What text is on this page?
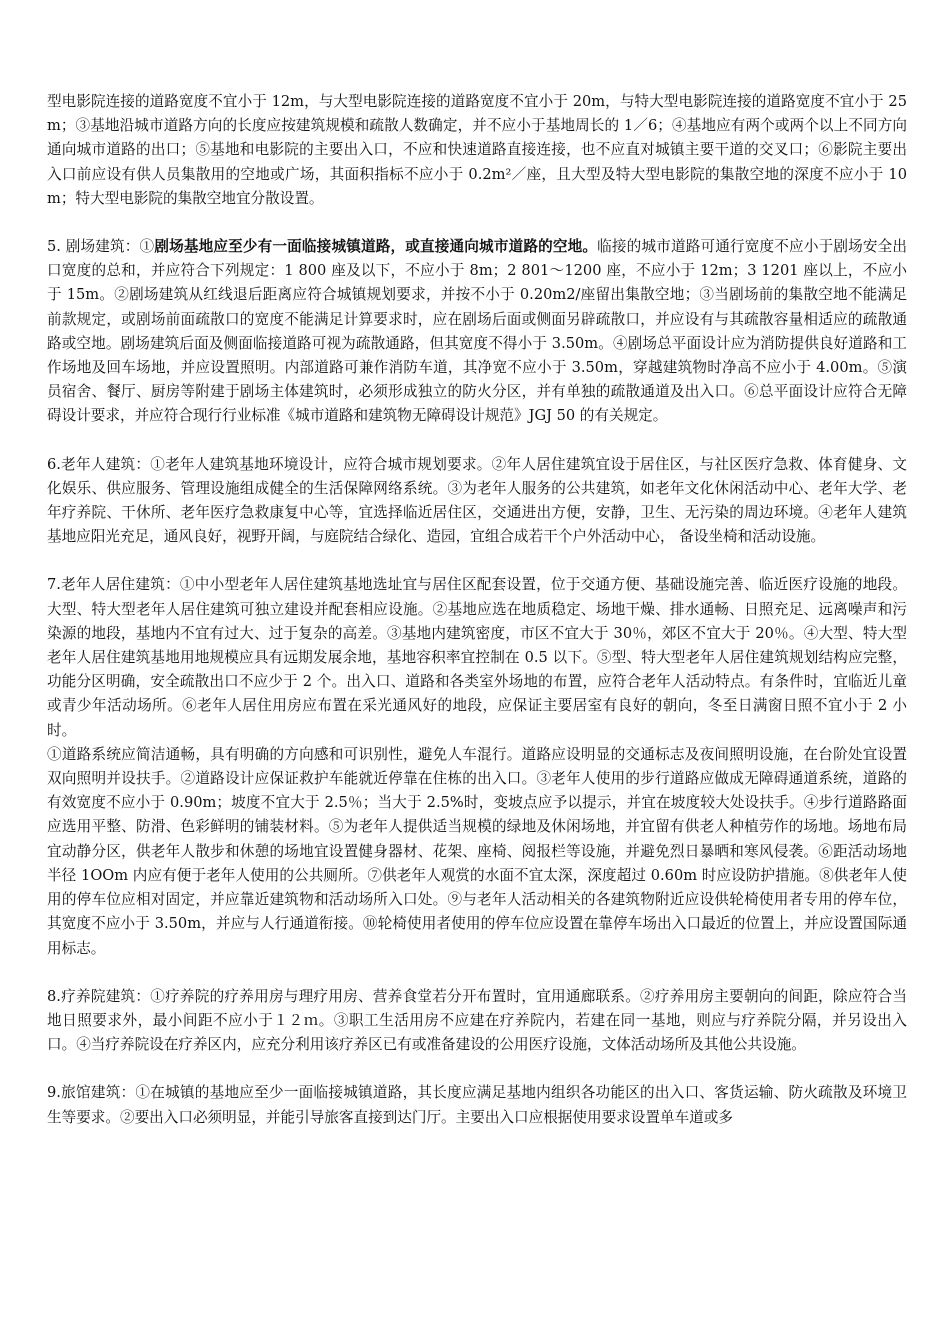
型电影院连接的道路宽度不宜小于 12m，与大型电影院连接的道路宽度不宜小于 20m，与特大型电影院连接的道路宽度不宜小于 25m；③基地沿城市道路方向的长度应按建筑规模和疏散人数确定，并不应小于基地周长的 1／6；④基地应有两个或两个以上不同方向通向城市道路的出口；⑤基地和电影院的主要出入口，不应和快速道路直接连接，也不应直对城镇主要干道的交叉口；⑥影院主要出入口前应设有供人员集散用的空地或广场，其面积指标不应小于 0.2m²／座，且大型及特大型电影院的集散空地的深度不应小于 10m；特大型电影院的集散空地宜分散设置。

5. 剧场建筑：①剧场基地应至少有一面临接城镇道路，或直接通向城市道路的空地。临接的城市道路可通行宽度不应小于剧场安全出口宽度的总和，并应符合下列规定：1 800 座及以下，不应小于 8m；2 801～1200 座，不应小于 12m；3 1201 座以上，不应小于 15m。②剧场建筑从红线退后距离应符合城镇规划要求，并按不小于 0.20m2/座留出集散空地；③当剧场前的集散空地不能满足前款规定，或剧场前面疏散口的宽度不能满足计算要求时，应在剧场后面或侧面另辟疏散口，并应设有与其疏散容量相适应的疏散通路或空地。剧场建筑后面及侧面临接道路可视为疏散通路，但其宽度不得小于 3.50m。④剧场总平面设计应为消防提供良好道路和工作场地及回车场地，并应设置照明。内部道路可兼作消防车道，其净宽不应小于 3.50m，穿越建筑物时净高不应小于 4.00m。⑤演员宿舍、餐厅、厨房等附建于剧场主体建筑时，必须形成独立的防火分区，并有单独的疏散通道及出入口。⑥总平面设计应符合无障碍设计要求，并应符合现行行业标准《城市道路和建筑物无障碍设计规范》JGJ 50 的有关规定。

6.老年人建筑：①老年人建筑基地环境设计，应符合城市规划要求。②年人居住建筑宜设于居住区，与社区医疗急救、体育健身、文化娱乐、供应服务、管理设施组成健全的生活保障网络系统。③为老年人服务的公共建筑，如老年文化休闲活动中心、老年大学、老年疗养院、干休所、老年医疗急救康复中心等，宜选择临近居住区，交通进出方便，安静，卫生、无污染的周边环境。④老年人建筑基地应阳光充足，通风良好，视野开阔，与庭院结合绿化、造园，宜组合成若干个户外活动中心， 备设坐椅和活动设施。

7.老年人居住建筑：①中小型老年人居住建筑基地选址宜与居住区配套设置，位于交通方便、基础设施完善、临近医疗设施的地段。大型、特大型老年人居住建筑可独立建设并配套相应设施。②基地应选在地质稳定、场地干燥、排水通畅、日照充足、远离噪声和污染源的地段，基地内不宜有过大、过于复杂的高差。③基地内建筑密度，市区不宜大于 30％，郊区不宜大于 20％。④大型、特大型老年人居住建筑基地用地规模应具有远期发展余地，基地容积率宜控制在 0.5 以下。⑤型、特大型老年人居住建筑规划结构应完整，功能分区明确，安全疏散出口不应少于 2 个。出入口、道路和各类室外场地的布置，应符合老年人活动特点。有条件时，宜临近儿童或青少年活动场所。⑥老年人居住用房应布置在采光通风好的地段，应保证主要居室有良好的朝向，冬至日满窗日照不宜小于 2 小时。

①道路系统应简洁通畅，具有明确的方向感和可识别性，避免人车混行。道路应设明显的交通标志及夜间照明设施，在台阶处宜设置双向照明并设扶手。②道路设计应保证救护车能就近停靠在住栋的出入口。③老年人使用的步行道路应做成无障碍通道系统，道路的有效宽度不应小于 0.90m；坡度不宜大于 2.5％；当大于 2.5%时，变坡点应予以提示，并宜在坡度较大处设扶手。④步行道路路面应选用平整、防滑、色彩鲜明的铺装材料。⑤为老年人提供适当规模的绿地及休闲场地，并宜留有供老人种植劳作的场地。场地布局宜动静分区，供老年人散步和休憩的场地宜设置健身器材、花架、座椅、阅报栏等设施，并避免烈日暴晒和寒风侵袭。⑥距活动场地半径 1OOm 内应有便于老年人使用的公共厕所。⑦供老年人观赏的水面不宜太深，深度超过 0.60m 时应设防护措施。⑧供老年人使用的停车位应相对固定，并应靠近建筑物和活动场所入口处。⑨与老年人活动相关的各建筑物附近应设供轮椅使用者专用的停车位，其宽度不应小于 3.50m，并应与人行通道衔接。⑩轮椅使用者使用的停车位应设置在靠停车场出入口最近的位置上，并应设置国际通用标志。

8.疗养院建筑：①疗养院的疗养用房与理疗用房、营养食堂若分开布置时，宜用通廊联系。②疗养用房主要朝向的间距，除应符合当地日照要求外，最小间距不应小于１２ｍ。③职工生活用房不应建在疗养院内，若建在同一基地，则应与疗养院分隔，并另设出入口。④当疗养院设在疗养区内，应充分利用该疗养区已有或准备建设的公用医疗设施，文体活动场所及其他公共设施。

9.旅馆建筑：①在城镇的基地应至少一面临接城镇道路，其长度应满足基地内组织各功能区的出入口、客货运输、防火疏散及环境卫生等要求。②要出入口必须明显，并能引导旅客直接到达门厅。主要出入口应根据使用要求设置单车道或多
